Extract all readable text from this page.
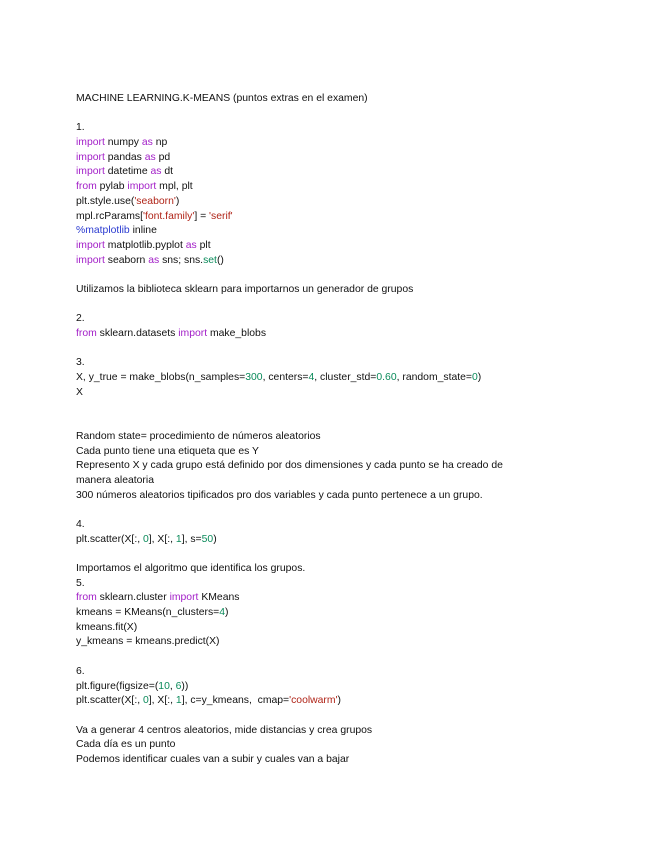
MACHINE LEARNING.K-MEANS (puntos extras en el examen)
1.
import numpy as np
import pandas as pd
import datetime as dt
from pylab import mpl, plt
plt.style.use('seaborn')
mpl.rcParams['font.family'] = 'serif'
%matplotlib inline
import matplotlib.pyplot as plt
import seaborn as sns; sns.set()
Utilizamos la biblioteca sklearn para importarnos un generador de grupos
2.
from sklearn.datasets import make_blobs
3.
X, y_true = make_blobs(n_samples=300, centers=4, cluster_std=0.60, random_state=0)
X
Random state= procedimiento de números aleatorios
Cada punto tiene una etiqueta que es Y
Represento X y cada grupo está definido por dos dimensiones y cada punto se ha creado de
manera aleatoria
300 números aleatorios tipificados pro dos variables y cada punto pertenece a un grupo.
4.
plt.scatter(X[:, 0], X[:, 1], s=50)
Importamos el algoritmo que identifica los grupos.
5.
from sklearn.cluster import KMeans
kmeans = KMeans(n_clusters=4)
kmeans.fit(X)
y_kmeans = kmeans.predict(X)
6.
plt.figure(figsize=(10, 6))
plt.scatter(X[:, 0], X[:, 1], c=y_kmeans,  cmap='coolwarm')
Va a generar 4 centros aleatorios, mide distancias y crea grupos
Cada día es un punto
Podemos identificar cuales van a subir y cuales van a bajar
